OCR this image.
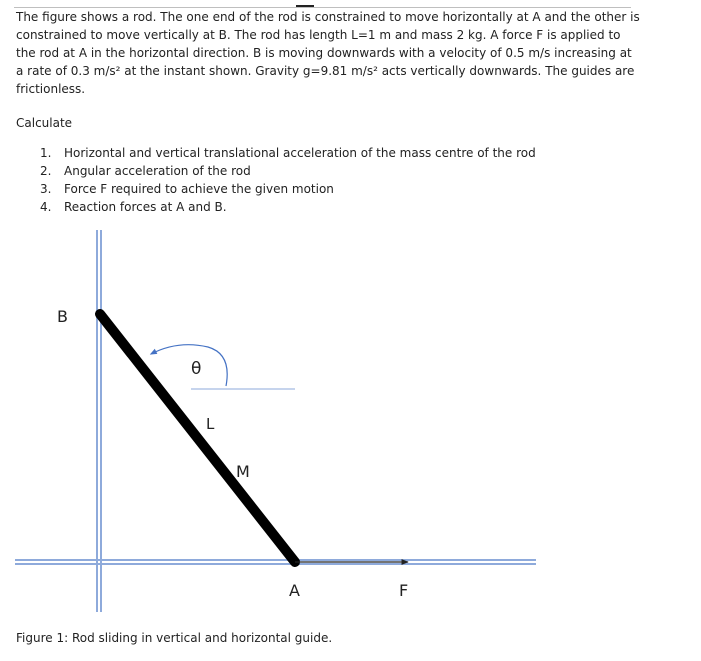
The figure shows a rod. The one end of the rod is constrained to move horizontally at A and the other is constrained to move vertically at B. The rod has length L=1 m and mass 2 kg. A force F is applied to the rod at A in the horizontal direction. B is moving downwards with a velocity of 0.5 m/s increasing at a rate of 0.3 m/s² at the instant shown. Gravity g=9.81 m/s² acts vertically downwards. The guides are frictionless.

Calculate

1.	Horizontal and vertical translational acceleration of the mass centre of the rod
2.	Angular acceleration of the rod
3.	Force F required to achieve the given motion
4.	Reaction forces at A and B.
B
θ
L
M
A	F

Figure 1: Rod sliding in vertical and horizontal guide.
